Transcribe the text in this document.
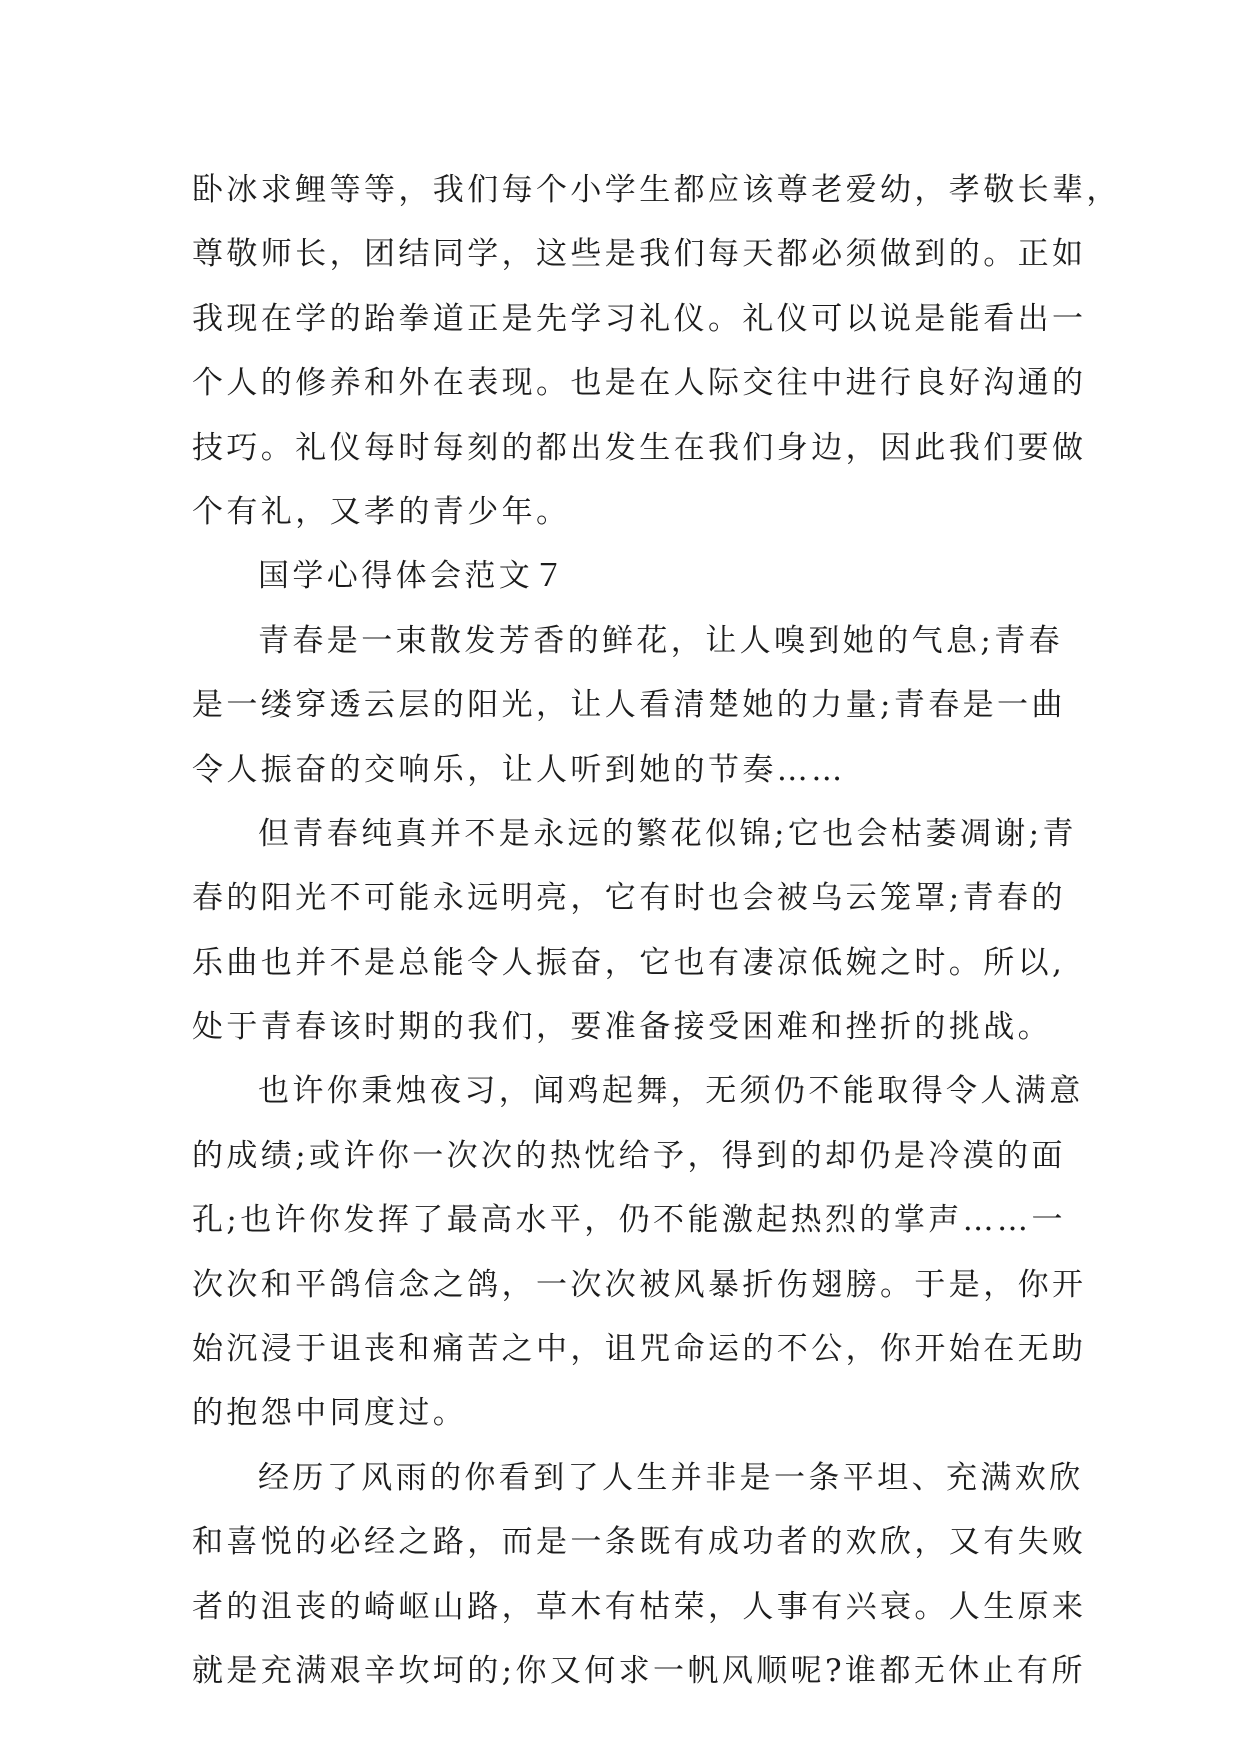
卧冰求鲤等等，我们每个小学生都应该尊老爱幼，孝敬长辈，
尊敬师长，团结同学，这些是我们每天都必须做到的。正如
我现在学的跆拳道正是先学习礼仪。礼仪可以说是能看出一
个人的修养和外在表现。也是在人际交往中进行良好沟通的
技巧。礼仪每时每刻的都出发生在我们身边，因此我们要做
个有礼，又孝的青少年。
国学心得体会范文７
青春是一束散发芳香的鲜花，让人嗅到她的气息;青春
是一缕穿透云层的阳光，让人看清楚她的力量;青春是一曲
令人振奋的交响乐，让人听到她的节奏……
但青春纯真并不是永远的繁花似锦;它也会枯萎凋谢;青
春的阳光不可能永远明亮，它有时也会被乌云笼罩;青春的
乐曲也并不是总能令人振奋，它也有凄凉低婉之时。所以,
处于青春该时期的我们，要准备接受困难和挫折的挑战。
也许你秉烛夜习，闻鸡起舞，无须仍不能取得令人满意
的成绩;或许你一次次的热忱给予，得到的却仍是冷漠的面
孔;也许你发挥了最高水平，仍不能激起热烈的掌声……一
次次和平鸽信念之鸽，一次次被风暴折伤翅膀。于是，你开
始沉浸于诅丧和痛苦之中，诅咒命运的不公，你开始在无助
的抱怨中同度过。
经历了风雨的你看到了人生并非是一条平坦、充满欢欣
和喜悦的必经之路，而是一条既有成功者的欢欣，又有失败
者的沮丧的崎岖山路，草木有枯荣，人事有兴衰。人生原来
就是充满艰辛坎坷的;你又何求一帆风顺呢?谁都无休止有所
